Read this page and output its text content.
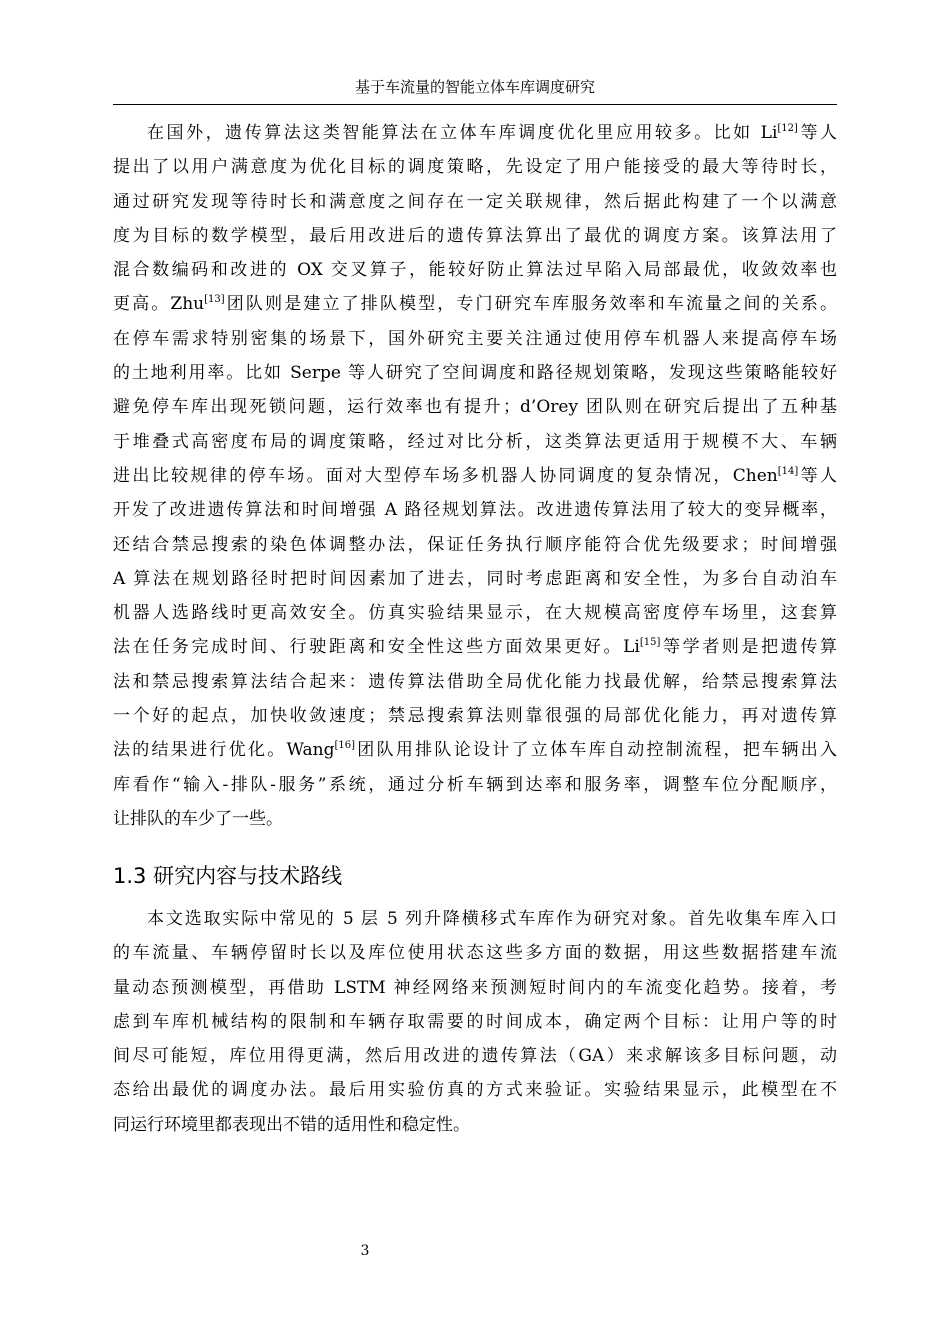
基于车流量的智能立体车库调度研究
在国外，遗传算法这类智能算法在立体车库调度优化里应用较多。比如 Li[12]等人
提出了以用户满意度为优化目标的调度策略，先设定了用户能接受的最大等待时长，
通过研究发现等待时长和满意度之间存在一定关联规律，然后据此构建了一个以满意
度为目标的数学模型，最后用改进后的遗传算法算出了最优的调度方案。该算法用了
混合数编码和改进的 OX 交叉算子，能较好防止算法过早陷入局部最优，收敛效率也
更高。Zhu[13]团队则是建立了排队模型，专门研究车库服务效率和车流量之间的关系。
在停车需求特别密集的场景下，国外研究主要关注通过使用停车机器人来提高停车场
的土地利用率。比如 Serpe 等人研究了空间调度和路径规划策略，发现这些策略能较好
避免停车库出现死锁问题，运行效率也有提升；d’Orey 团队则在研究后提出了五种基
于堆叠式高密度布局的调度策略，经过对比分析，这类算法更适用于规模不大、车辆
进出比较规律的停车场。面对大型停车场多机器人协同调度的复杂情况，Chen[14]等人
开发了改进遗传算法和时间增强 A 路径规划算法。改进遗传算法用了较大的变异概率，
还结合禁忌搜索的染色体调整办法，保证任务执行顺序能符合优先级要求；时间增强
A 算法在规划路径时把时间因素加了进去，同时考虑距离和安全性，为多台自动泊车
机器人选路线时更高效安全。仿真实验结果显示，在大规模高密度停车场里，这套算
法在任务完成时间、行驶距离和安全性这些方面效果更好。Li[15]等学者则是把遗传算
法和禁忌搜索算法结合起来：遗传算法借助全局优化能力找最优解，给禁忌搜索算法
一个好的起点，加快收敛速度；禁忌搜索算法则靠很强的局部优化能力，再对遗传算
法的结果进行优化。Wang[16]团队用排队论设计了立体车库自动控制流程，把车辆出入
库看作“输入-排队-服务”系统，通过分析车辆到达率和服务率，调整车位分配顺序，
让排队的车少了一些。
1.3 研究内容与技术路线
本文选取实际中常见的 5 层 5 列升降横移式车库作为研究对象。首先收集车库入口
的车流量、车辆停留时长以及库位使用状态这些多方面的数据，用这些数据搭建车流
量动态预测模型，再借助 LSTM 神经网络来预测短时间内的车流变化趋势。接着，考
虑到车库机械结构的限制和车辆存取需要的时间成本，确定两个目标：让用户等的时
间尽可能短，库位用得更满，然后用改进的遗传算法（GA）来求解该多目标问题，动
态给出最优的调度办法。最后用实验仿真的方式来验证。实验结果显示，此模型在不
同运行环境里都表现出不错的适用性和稳定性。
3
